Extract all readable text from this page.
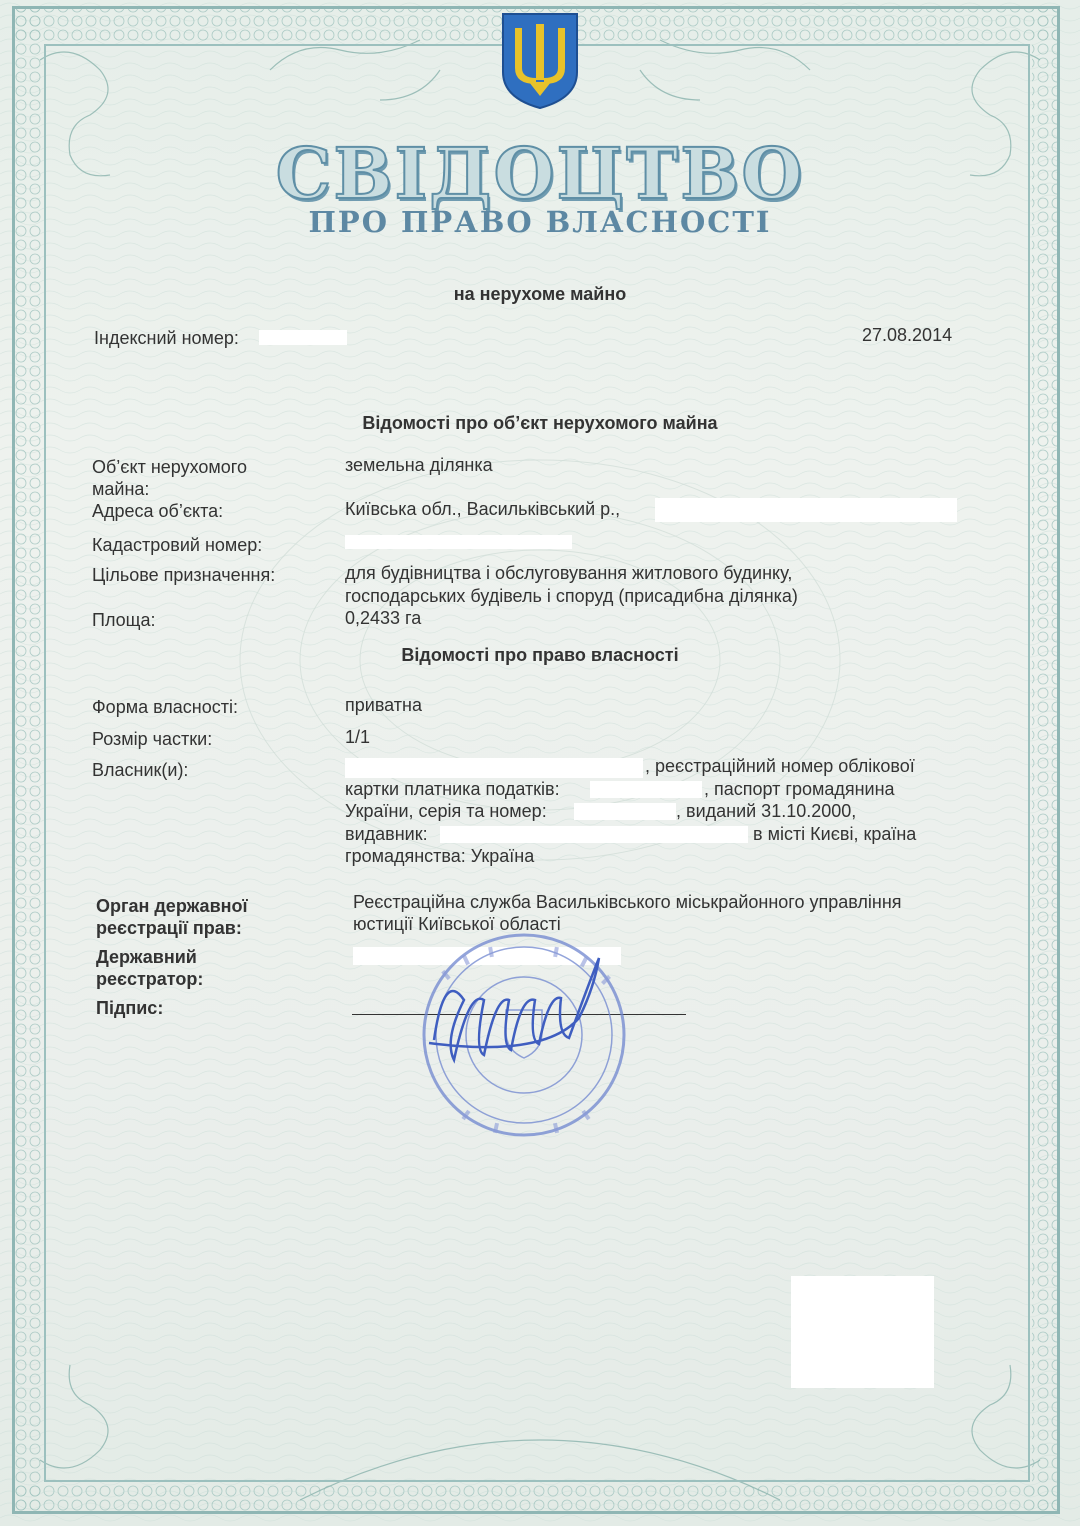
СВІДОЦТВО
ПРО ПРАВО ВЛАСНОСТІ
на нерухоме майно
Індексний номер:	27.08.2014
Відомості про об’єкт нерухомого майна
Об’єкт нерухомого
майна:
земельна ділянка
Адреса об’єкта:	Київська обл., Васильківський р.,
Кадастровий номер:
Цільове призначення:	для будівництва і обслуговування житлового будинку,
господарських будівель і споруд (присадибна ділянка)
Площа:	0,2433 га
Відомості про право власності
Форма власності:	приватна
Розмір частки:	1/1
Власник(и):	, реєстраційний номер облікової
картки платника податків:	, паспорт громадянина
України, серія та номер:	, виданий 31.10.2000,
видавник:	в місті Києві, країна
громадянства: Україна
Орган державної
реєстрації прав:
Реєстраційна служба Васильківського міськрайонного управління
юстиції Київської області
Державний
реєстратор:
Підпис:
